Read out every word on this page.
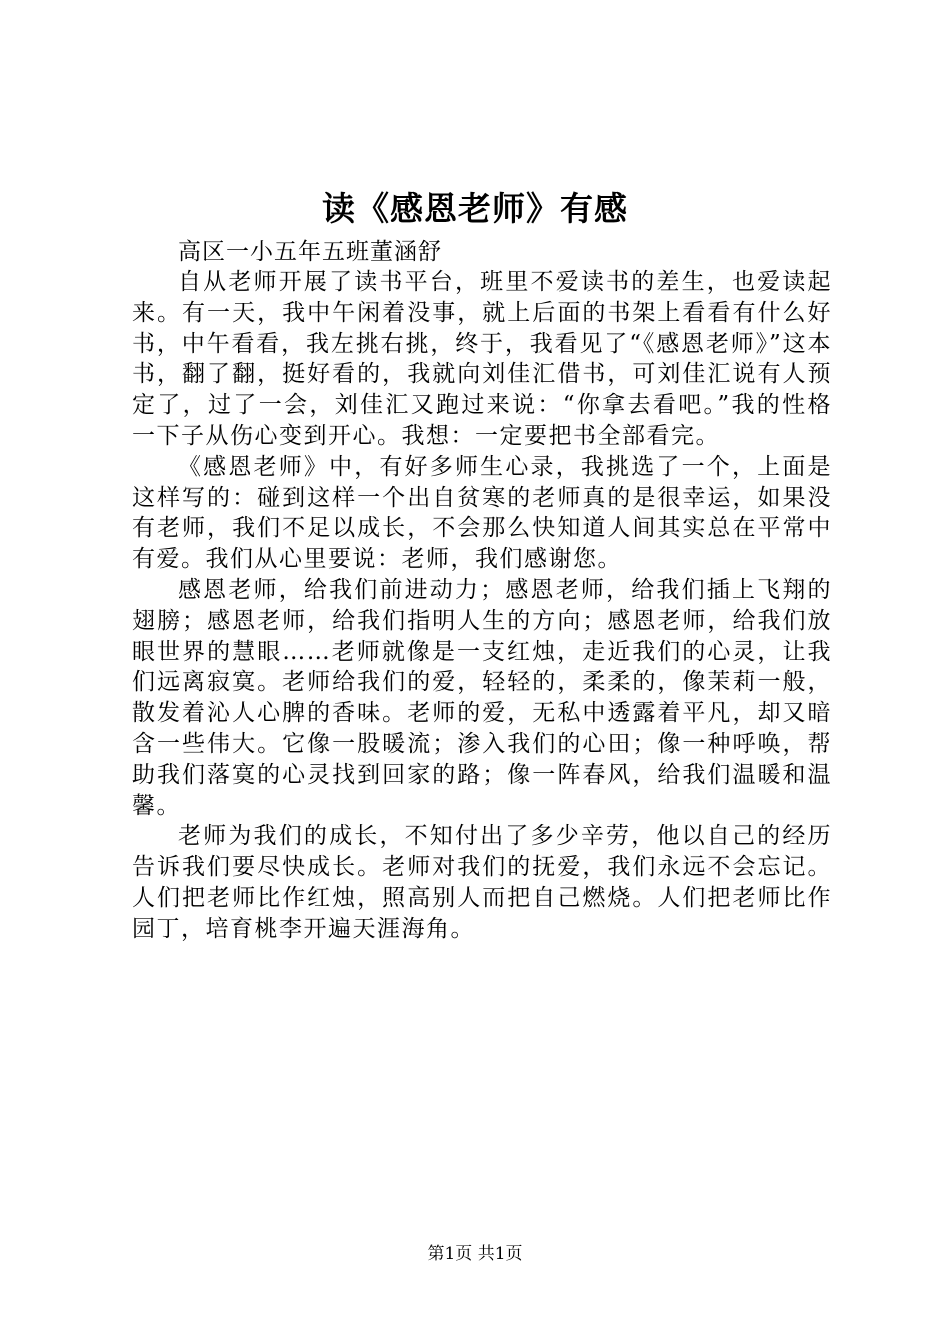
读《感恩老师》有感

高区一小五年五班董涵舒

自从老师开展了读书平台，班里不爱读书的差生，也爱读起来。有一天，我中午闲着没事，就上后面的书架上看看有什么好书，中午看看，我左挑右挑，终于，我看见了“《感恩老师》”这本书，翻了翻，挺好看的，我就向刘佳汇借书，可刘佳汇说有人预定了，过了一会，刘佳汇又跑过来说：“你拿去看吧。”我的性格一下子从伤心变到开心。我想：一定要把书全部看完。

《感恩老师》中，有好多师生心录，我挑选了一个，上面是这样写的：碰到这样一个出自贫寒的老师真的是很幸运，如果没有老师，我们不足以成长，不会那么快知道人间其实总在平常中有爱。我们从心里要说：老师，我们感谢您。

感恩老师，给我们前进动力；感恩老师，给我们插上飞翔的翅膀；感恩老师，给我们指明人生的方向；感恩老师，给我们放眼世界的慧眼……老师就像是一支红烛，走近我们的心灵，让我们远离寂寞。老师给我们的爱，轻轻的，柔柔的，像茉莉一般，散发着沁人心脾的香味。老师的爱，无私中透露着平凡，却又暗含一些伟大。它像一股暖流；渗入我们的心田；像一种呼唤，帮助我们落寞的心灵找到回家的路；像一阵春风，给我们温暖和温馨。

老师为我们的成长，不知付出了多少辛劳，他以自己的经历告诉我们要尽快成长。老师对我们的抚爱，我们永远不会忘记。人们把老师比作红烛，照高别人而把自己燃烧。人们把老师比作园丁，培育桃李开遍天涯海角。

第1页 共1页
